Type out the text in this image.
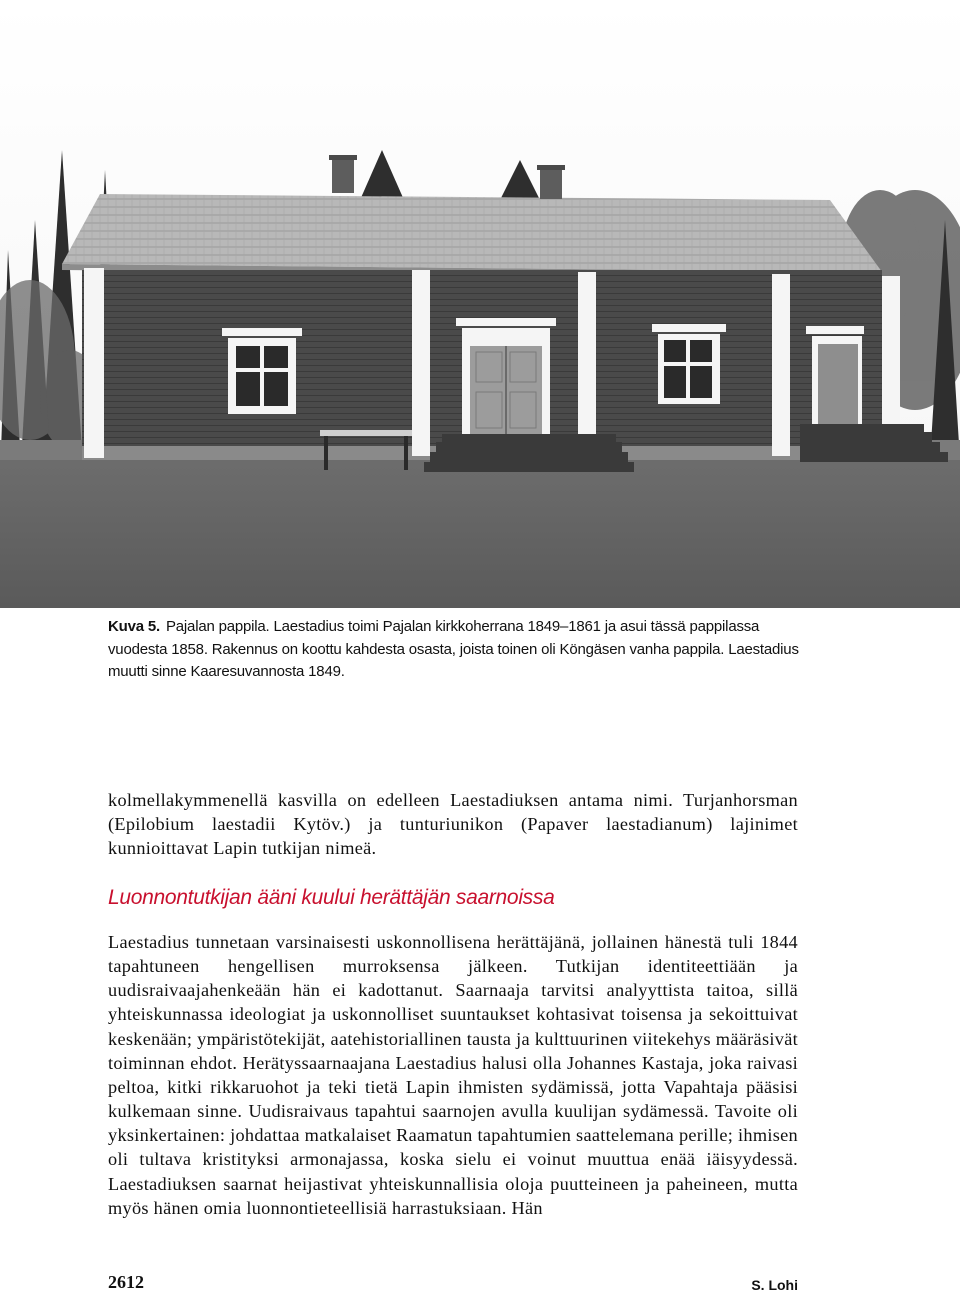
Kuva 5. Pajalan pappila. Laestadius toimi Pajalan kirkkoherrana 1849–1861 ja asui tässä pappilassa vuodesta 1858. Rakennus on koottu kahdesta osasta, joista toinen oli Köngäsen vanha pappila. Laestadius muutti sinne Kaaresuvannosta 1849.

kolmellakymmenellä kasvilla on edelleen Laestadiuksen antama nimi. Turjanhorsman (Epilobium laestadii Kytöv.) ja tunturiunikon (Papaver laestadianum) lajinimet kunnioittavat Lapin tutkijan nimeä.

Luonnontutkijan ääni kuului herättäjän saarnoissa

Laestadius tunnetaan varsinaisesti uskonnollisena herättäjänä, jollainen hänestä tuli 1844 tapahtuneen hengellisen murroksensa jälkeen. Tutkijan identiteettiään ja uudisraivaajahenkeään hän ei kadottanut. Saarnaaja tarvitsi analyyttista taitoa, sillä yhteiskunnassa ideologiat ja uskonnolliset suuntaukset kohtasivat toisensa ja sekoittuivat keskenään; ympäristötekijät, aatehistoriallinen tausta ja kulttuurinen viitekehys määräsivät toiminnan ehdot. Herätyssaarnaajana Laestadius halusi olla Johannes Kastaja, joka raivasi peltoa, kitki rikkaruohot ja teki tietä Lapin ihmisten sydämissä, jotta Vapahtaja pääsisi kulkemaan sinne. Uudisraivaus tapahtui saarnojen avulla kuulijan sydämessä. Tavoite oli yksinkertainen: johdattaa matkalaiset Raamatun tapahtumien saattelemana perille; ihmisen oli tultava kristityksi armonajassa, koska sielu ei voinut muuttua enää iäisyydessä. Laestadiuksen saarnat heijastivat yhteiskunnallisia oloja puutteineen ja paheineen, mutta myös hänen omia luonnontieteellisiä harrastuksiaan. Hän

2612	S. Lohi
